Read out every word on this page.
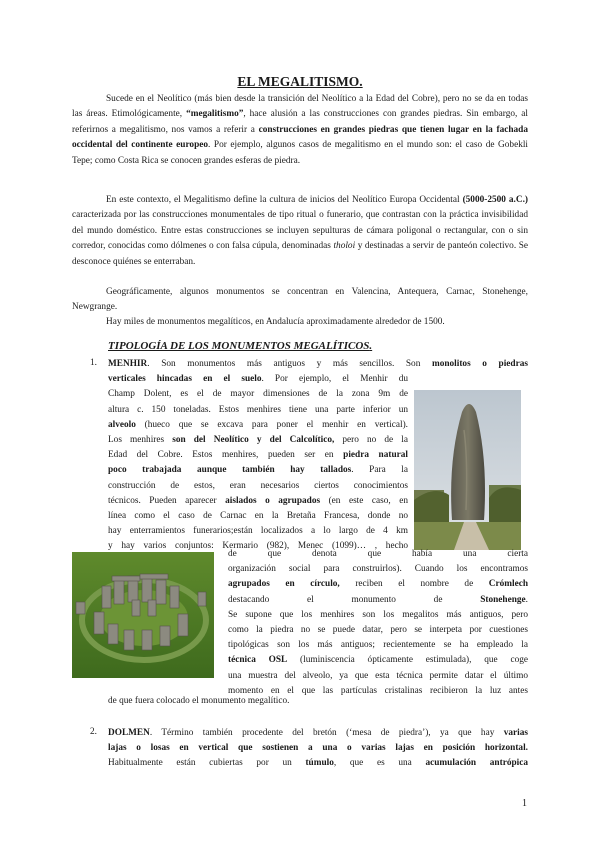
EL MEGALITISMO.

Sucede en el Neolítico (más bien desde la transición del Neolítico a la Edad del Cobre), pero no se da en todas las áreas. Etimológicamente, “megalitismo”, hace alusión a las construcciones con grandes piedras. Sin embargo, al referirnos a megalitismo, nos vamos a referir a construcciones en grandes piedras que tienen lugar en la fachada occidental del continente europeo. Por ejemplo, algunos casos de megalitismo en el mundo son: el caso de Gobekli Tepe; como Costa Rica se conocen grandes esferas de piedra.

En este contexto, el Megalitismo define la cultura de inicios del Neolítico Europa Occidental (5000-2500 a.C.) caracterizada por las construcciones monumentales de tipo ritual o funerario, que contrastan con la práctica invisibilidad del mundo doméstico. Entre estas construcciones se incluyen sepulturas de cámara poligonal o rectangular, con o sin corredor, conocidas como dólmenes o con falsa cúpula, denominadas tholoi y destinadas a servir de panteón colectivo. Se desconoce quiénes se enterraban.

Geográficamente, algunos monumentos se concentran en Valencina, Antequera, Carnac, Stonehenge, Newgrange.

Hay miles de monumentos megalíticos, en Andalucía aproximadamente alrededor de 1500.

TIPOLOGÍA DE LOS MONUMENTOS MEGALÍTICOS.
1.
verticales hincadas en el suelo. Por ejemplo, el Menhir du
Champ Dolent, es el de mayor dimensiones de la zona 9m de
altura c. 150 toneladas. Estos menhires tiene una parte inferior un
alveolo (hueco que se excava para poner el menhir en vertical).
Los menhires son del Neolítico y del Calcolítico, pero no de la
Edad del Cobre. Estos menhires, pueden ser en piedra natural
poco trabajada aunque también hay tallados. Para la
construcción de estos, eran necesarios ciertos conocimientos
técnicos. Pueden aparecer aislados o agrupados (en este caso, en
línea como el caso de Carnac en la Bretaña Francesa, donde no
hay enterramientos funerarios;están localizados a lo largo de 4 km
y hay varios conjuntos: Kermario (982), Menec (1099)… , hecho
MENHIR. Son monumentos más antiguos y más sencillos. Son monolitos o piedras
de que denota que había una cierta
organización social para construirlos). Cuando los encontramos
agrupados en círculo, reciben el nombre de Crómlech
destacando el monumento de Stonehenge.
Se supone que los menhires son los megalitos más antiguos, pero
como la piedra no se puede datar, pero se interpeta por cuestiones
tipológicas son los más antiguos; recientemente se ha empleado la
técnica OSL (luminiscencia ópticamente estimulada), que coge
una muestra del alveolo, ya que esta técnica permite datar el último
momento en el que las partículas cristalinas recibieron la luz antes
de que fuera colocado el monumento megalítico.
2. DOLMEN. Término también procedente del bretón (‘mesa de piedra’), ya que hay varias
lajas o losas en vertical que sostienen a una o varias lajas en posición horizontal.
Habitualmente están cubiertas por un túmulo, que es una acumulación antrópica
1
